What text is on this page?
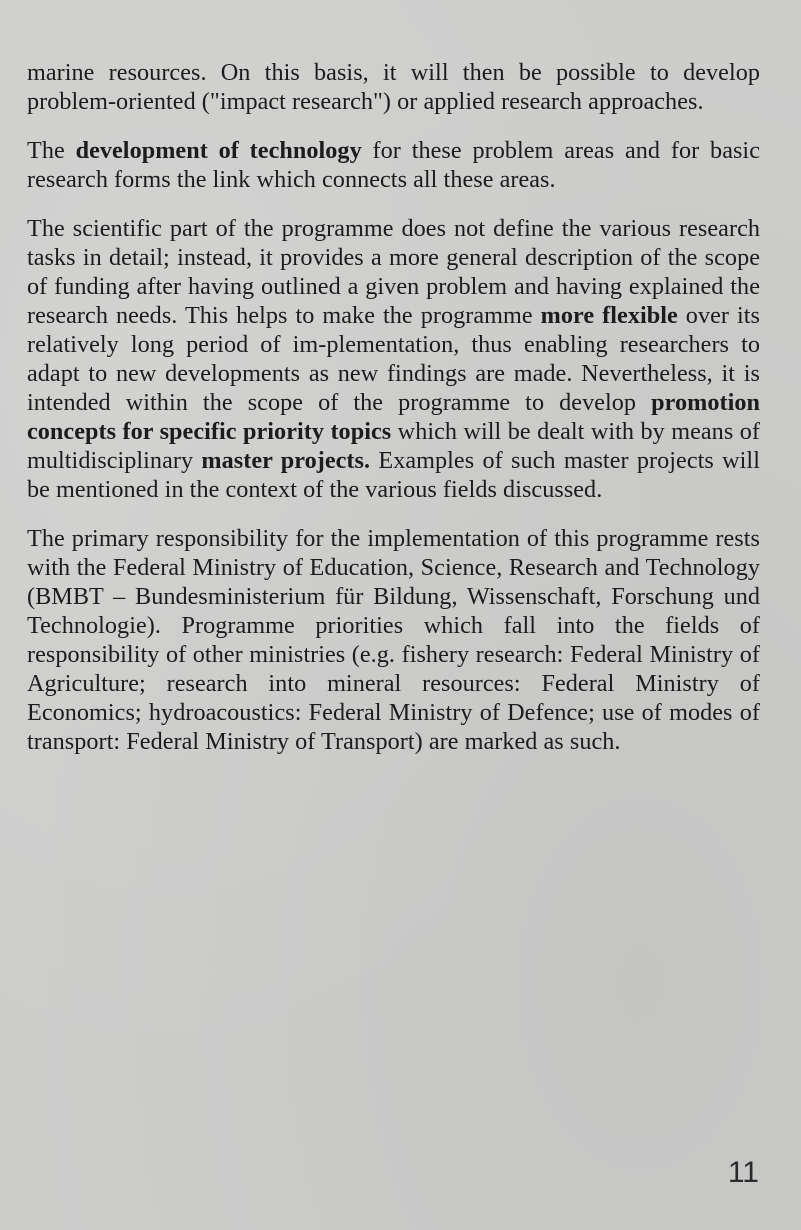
marine resources. On this basis, it will then be possible to develop problem-oriented ("impact research") or applied research approaches.

The development of technology for these problem areas and for basic research forms the link which connects all these areas.

The scientific part of the programme does not define the various research tasks in detail; instead, it provides a more general description of the scope of funding after having outlined a given problem and having explained the research needs. This helps to make the programme more flexible over its relatively long period of im-plementation, thus enabling researchers to adapt to new developments as new findings are made. Nevertheless, it is intended within the scope of the programme to develop promotion concepts for specific priority topics which will be dealt with by means of multidisciplinary master projects. Examples of such master projects will be mentioned in the context of the various fields discussed.

The primary responsibility for the implementation of this programme rests with the Federal Ministry of Education, Science, Research and Technology (BMBT – Bundesministerium für Bildung, Wissenschaft, Forschung und Technologie). Programme priorities which fall into the fields of responsibility of other ministries (e.g. fishery research: Federal Ministry of Agriculture; research into mineral resources: Federal Ministry of Economics; hydroacoustics: Federal Ministry of Defence; use of modes of transport: Federal Ministry of Transport) are marked as such.

11
